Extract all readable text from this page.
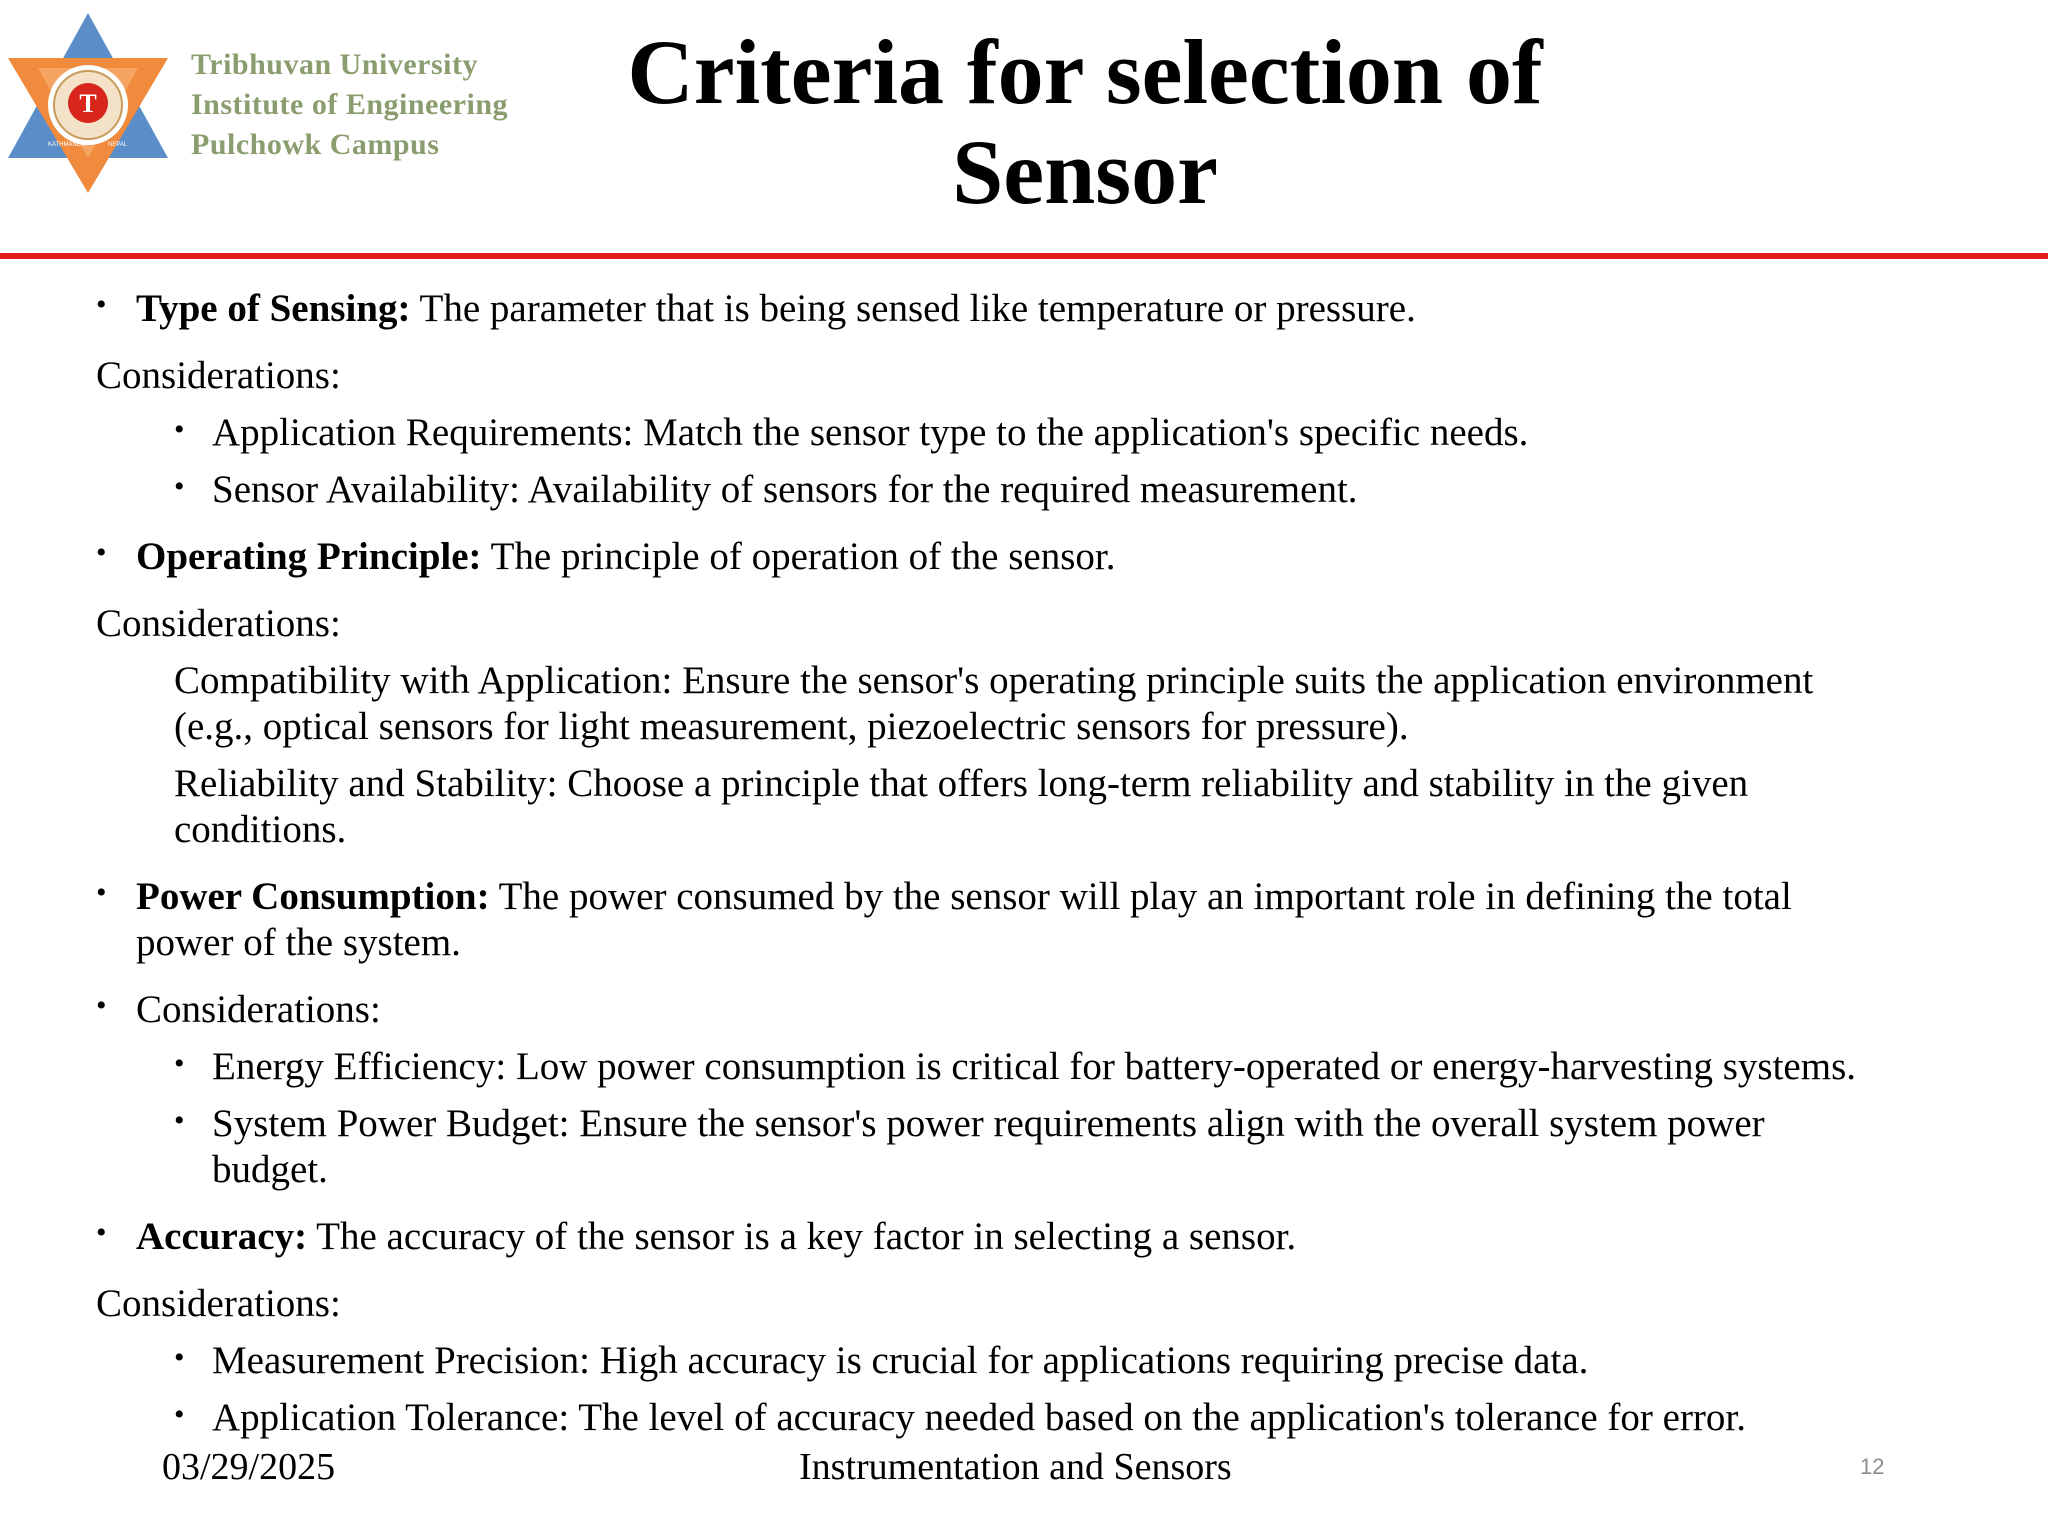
T
KATHMANDU	NEPAL
Tribhuvan University
Institute of Engineering
Pulchowk Campus
Criteria for selection of
Sensor
• Type of Sensing: The parameter that is being sensed like temperature or pressure.
Considerations:
• Application Requirements: Match the sensor type to the application's specific needs.
• Sensor Availability: Availability of sensors for the required measurement.
• Operating Principle: The principle of operation of the sensor.
Considerations:
Compatibility with Application: Ensure the sensor's operating principle suits the application environment
(e.g., optical sensors for light measurement, piezoelectric sensors for pressure).
Reliability and Stability: Choose a principle that offers long-term reliability and stability in the given
conditions.
• Power Consumption: The power consumed by the sensor will play an important role in defining the total
power of the system.
• Considerations:
• Energy Efficiency: Low power consumption is critical for battery-operated or energy-harvesting systems.
• System Power Budget: Ensure the sensor's power requirements align with the overall system power
budget.
• Accuracy: The accuracy of the sensor is a key factor in selecting a sensor.
Considerations:
• Measurement Precision: High accuracy is crucial for applications requiring precise data.
• Application Tolerance: The level of accuracy needed based on the application's tolerance for error.
03/29/2025	Instrumentation and Sensors	12
